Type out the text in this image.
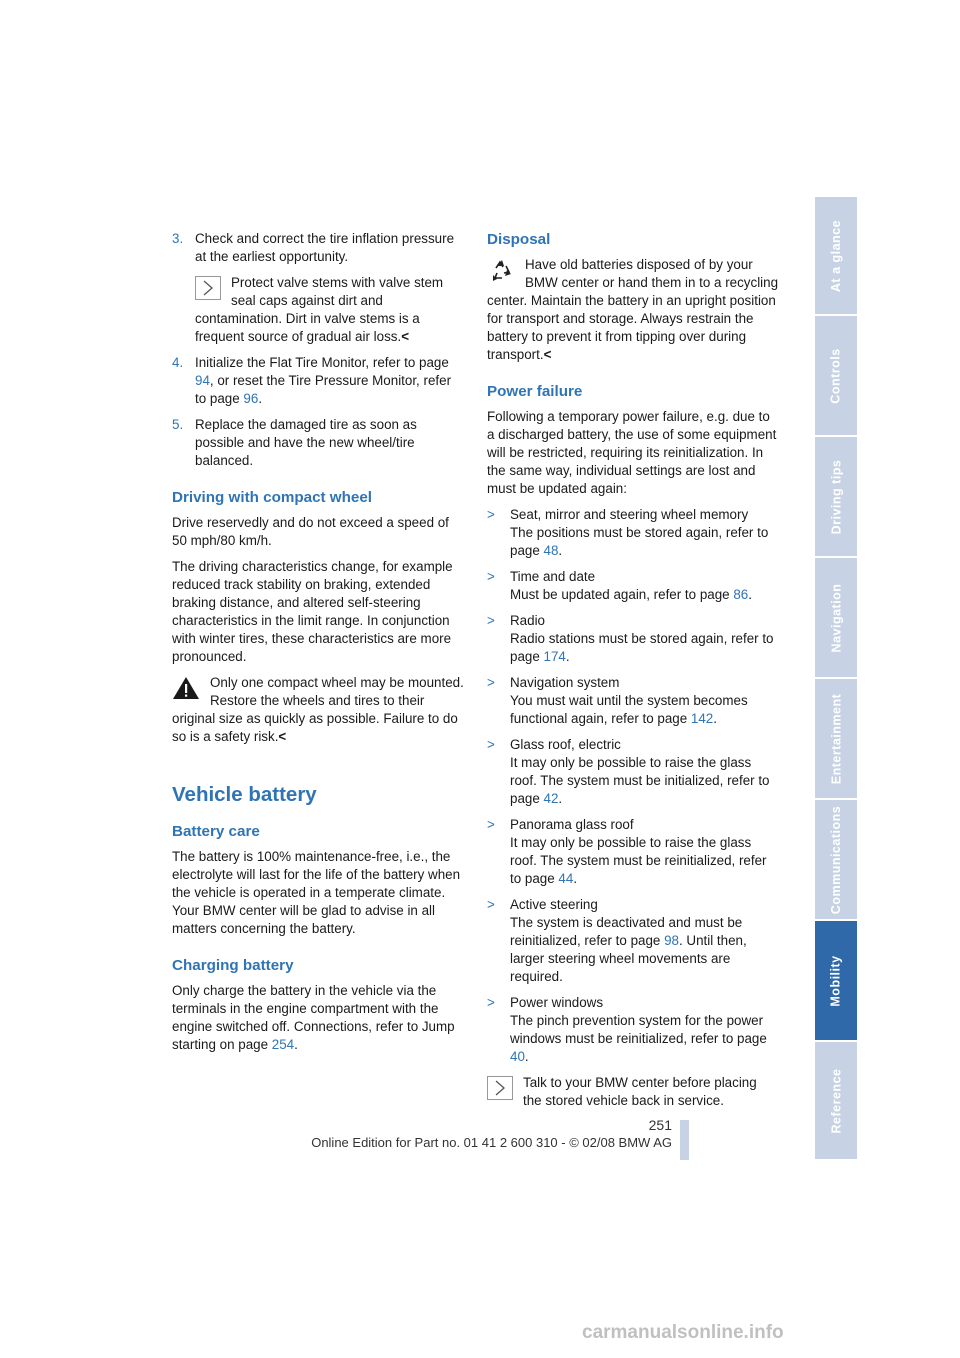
3. Check and correct the tire inflation pressure at the earliest opportunity.
Protect valve stems with valve stem seal caps against dirt and contamination. Dirt in valve stems is a frequent source of gradual air loss.<
4. Initialize the Flat Tire Monitor, refer to page 94, or reset the Tire Pressure Monitor, refer to page 96.
5. Replace the damaged tire as soon as possible and have the new wheel/tire balanced.
Driving with compact wheel

Drive reservedly and do not exceed a speed of 50 mph/80 km/h.

The driving characteristics change, for example reduced track stability on braking, extended braking distance, and altered self-steering characteristics in the limit range. In conjunction with winter tires, these characteristics are more pronounced.

Only one compact wheel may be mounted. Restore the wheels and tires to their original size as quickly as possible. Failure to do so is a safety risk.<
Vehicle battery
Battery care

The battery is 100% maintenance-free, i.e., the electrolyte will last for the life of the battery when the vehicle is operated in a temperate climate. Your BMW center will be glad to advise in all matters concerning the battery.

Charging battery

Only charge the battery in the vehicle via the terminals in the engine compartment with the engine switched off. Connections, refer to Jump starting on page 254.

Disposal
Have old batteries disposed of by your BMW center or hand them in to a recycling center. Maintain the battery in an upright position for transport and storage. Always restrain the battery to prevent it from tipping over during transport.<
Power failure

Following a temporary power failure, e.g. due to a discharged battery, the use of some equipment will be restricted, requiring its reinitialization. In the same way, individual settings are lost and must be updated again:

> Seat, mirror and steering wheel memory
The positions must be stored again, refer to page 48.
> Time and date
Must be updated again, refer to page 86.
> Radio
Radio stations must be stored again, refer to page 174.
> Navigation system
You must wait until the system becomes functional again, refer to page 142.
> Glass roof, electric
It may only be possible to raise the glass roof. The system must be initialized, refer to page 42.
> Panorama glass roof
It may only be possible to raise the glass roof. The system must be reinitialized, refer to page 44.
> Active steering
The system is deactivated and must be reinitialized, refer to page 98. Until then, larger steering wheel movements are required.
> Power windows
The pinch prevention system for the power windows must be reinitialized, refer to page 40.
Talk to your BMW center before placing the stored vehicle back in service.
At a glance
Controls
Driving tips
Navigation
Entertainment
Communications
Mobility
Reference
251
Online Edition for Part no. 01 41 2 600 310 - © 02/08 BMW AG
carmanualsonline.info
